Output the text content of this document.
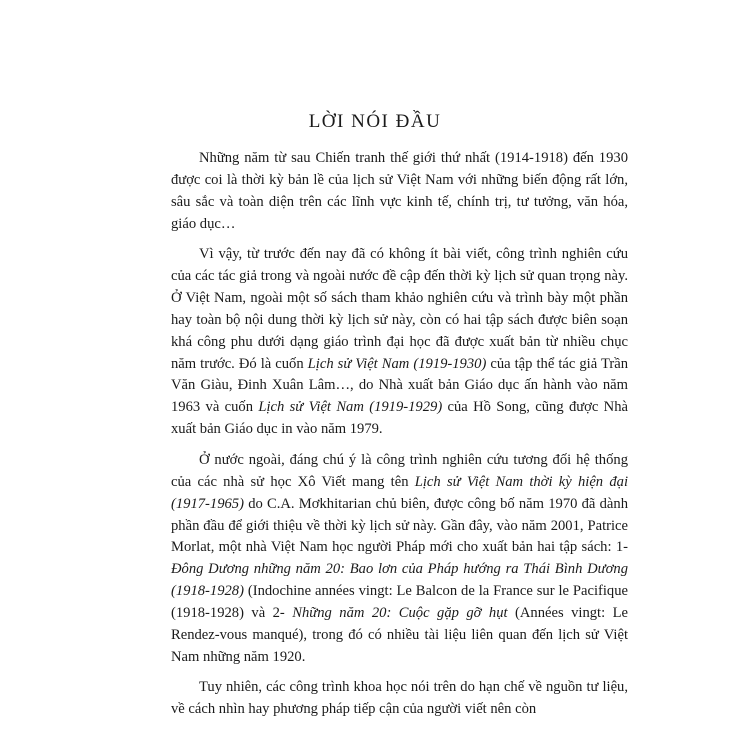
LỜI NÓI ĐẦU

Những năm từ sau Chiến tranh thế giới thứ nhất (1914-1918) đến 1930 được coi là thời kỳ bản lề của lịch sử Việt Nam với những biến động rất lớn, sâu sắc và toàn diện trên các lĩnh vực kinh tế, chính trị, tư tưởng, văn hóa, giáo dục…

Vì vậy, từ trước đến nay đã có không ít bài viết, công trình nghiên cứu của các tác giả trong và ngoài nước đề cập đến thời kỳ lịch sử quan trọng này. Ở Việt Nam, ngoài một số sách tham khảo nghiên cứu và trình bày một phần hay toàn bộ nội dung thời kỳ lịch sử này, còn có hai tập sách được biên soạn khá công phu dưới dạng giáo trình đại học đã được xuất bản từ nhiều chục năm trước. Đó là cuốn Lịch sử Việt Nam (1919-1930) của tập thể tác giả Trần Văn Giàu, Đinh Xuân Lâm…, do Nhà xuất bản Giáo dục ấn hành vào năm 1963 và cuốn Lịch sử Việt Nam (1919-1929) của Hồ Song, cũng được Nhà xuất bản Giáo dục in vào năm 1979.

Ở nước ngoài, đáng chú ý là công trình nghiên cứu tương đối hệ thống của các nhà sử học Xô Viết mang tên Lịch sử Việt Nam thời kỳ hiện đại (1917-1965) do C.A. Mơkhitarian chủ biên, được công bố năm 1970 đã dành phần đầu để giới thiệu về thời kỳ lịch sử này. Gần đây, vào năm 2001, Patrice Morlat, một nhà Việt Nam học người Pháp mới cho xuất bản hai tập sách: 1- Đông Dương những năm 20: Bao lơn của Pháp hướng ra Thái Bình Dương (1918-1928) (Indochine années vingt: Le Balcon de la France sur le Pacifique (1918-1928) và 2- Những năm 20: Cuộc gặp gỡ hụt (Années vingt: Le Rendez-vous manqué), trong đó có nhiều tài liệu liên quan đến lịch sử Việt Nam những năm 1920.

Tuy nhiên, các công trình khoa học nói trên do hạn chế về nguồn tư liệu, về cách nhìn hay phương pháp tiếp cận của người viết nên còn
